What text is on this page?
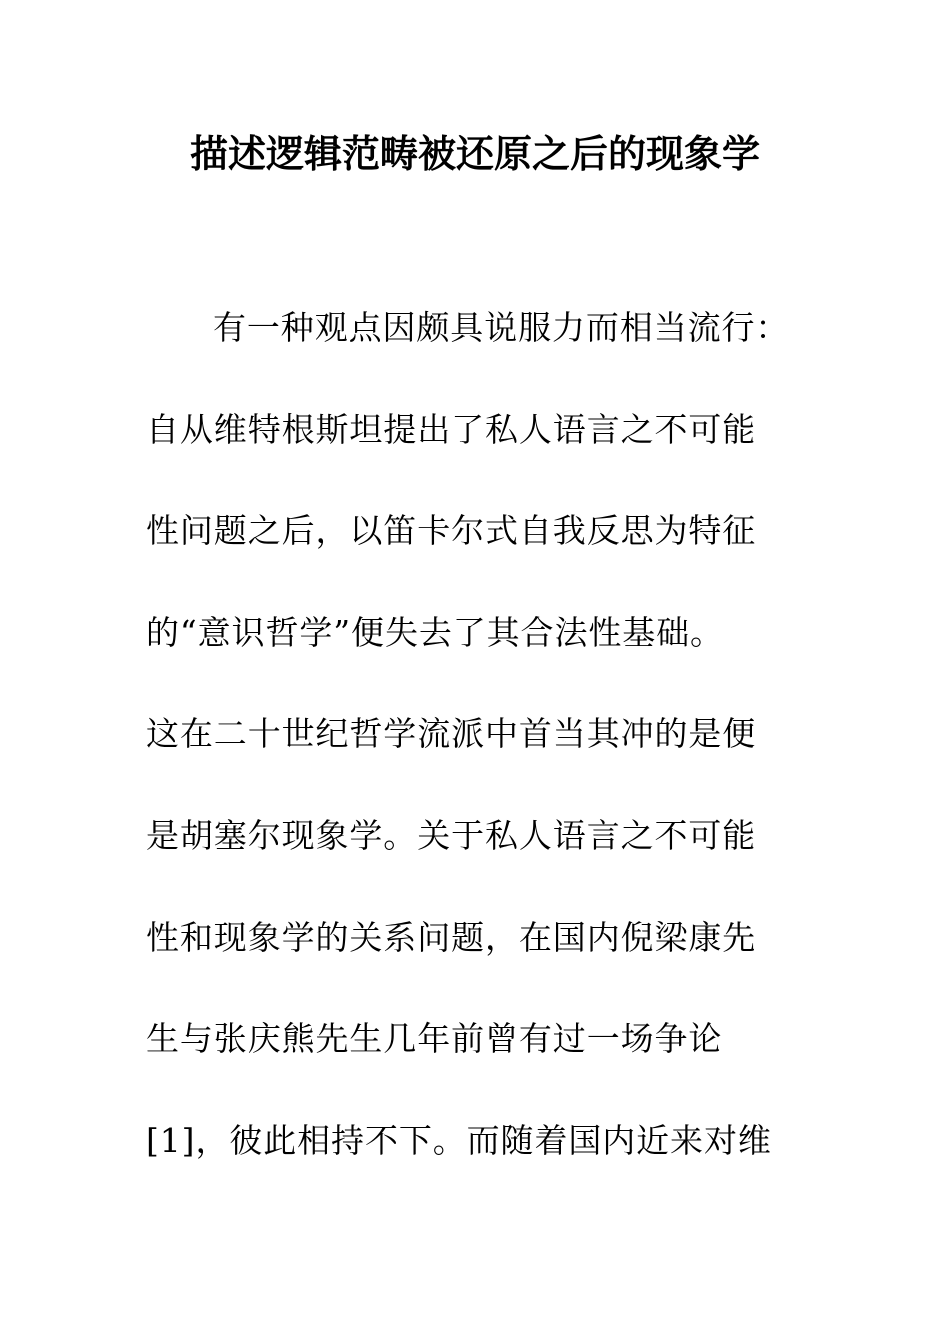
描述逻辑范畴被还原之后的现象学
有一种观点因颇具说服力而相当流行：
自从维特根斯坦提出了私人语言之不可能
性问题之后，以笛卡尔式自我反思为特征
的“意识哲学”便失去了其合法性基础。
这在二十世纪哲学流派中首当其冲的是便
是胡塞尔现象学。关于私人语言之不可能
性和现象学的关系问题，在国内倪梁康先
生与张庆熊先生几年前曾有过一场争论
[1]，彼此相持不下。而随着国内近来对维
